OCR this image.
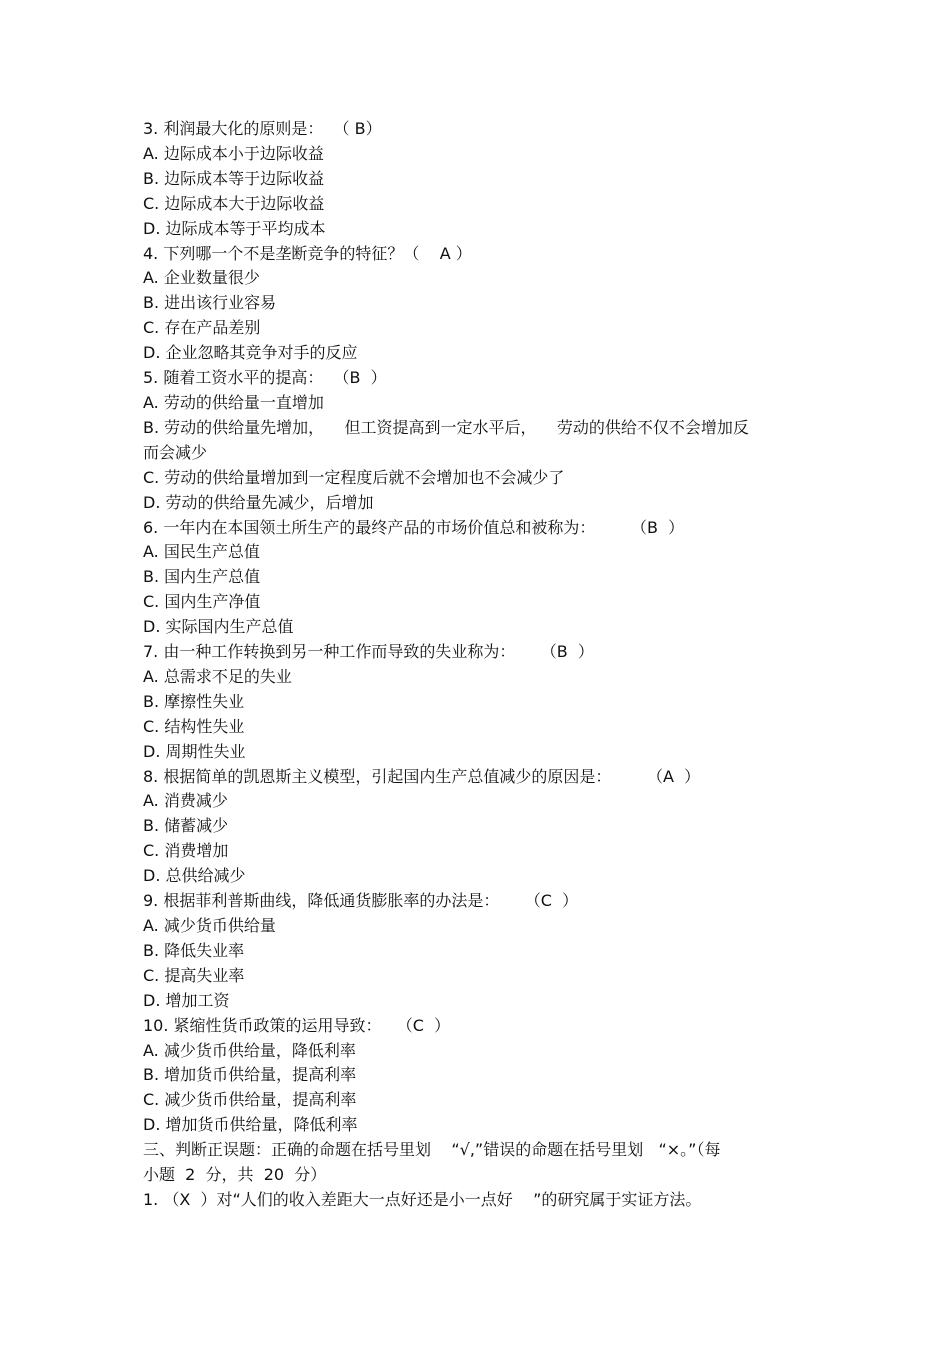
3. 利润最大化的原则是：  （ B）

A. 边际成本小于边际收益

B. 边际成本等于边际收益

C. 边际成本大于边际收益

D. 边际成本等于平均成本

4. 下列哪一个不是垄断竞争的特征？（    A ）

A. 企业数量很少

B. 进出该行业容易

C. 存在产品差别

D. 企业忽略其竞争对手的反应

5. 随着工资水平的提高：  （B  ）

A. 劳动的供给量一直增加

B. 劳动的供给量先增加，    但工资提高到一定水平后，    劳动的供给不仅不会增加反

而会减少

C. 劳动的供给量增加到一定程度后就不会增加也不会减少了

D. 劳动的供给量先减少，后增加

6. 一年内在本国领土所生产的最终产品的市场价值总和被称为：       （B  ）

A. 国民生产总值

B. 国内生产总值

C. 国内生产净值

D. 实际国内生产总值

7. 由一种工作转换到另一种工作而导致的失业称为：     （B  ）

A. 总需求不足的失业

B. 摩擦性失业

C. 结构性失业

D. 周期性失业

8. 根据简单的凯恩斯主义模型，引起国内生产总值减少的原因是：       （A  ）

A. 消费减少

B. 储蓄减少

C. 消费增加

D. 总供给减少

9. 根据菲利普斯曲线，降低通货膨胀率的办法是：     （C  ）

A. 减少货币供给量

B. 降低失业率

C. 提高失业率

D. 增加工资

10. 紧缩性货币政策的运用导致：   （C  ）

A. 减少货币供给量，降低利率

B. 增加货币供给量，提高利率

C. 减少货币供给量，提高利率

D. 增加货币供给量，降低利率

三、判断正误题：正确的命题在括号里划    “√,”错误的命题在括号里划   “×。”（每

小题  2  分，共  20  分）

1. （X  ）对“人们的收入差距大一点好还是小一点好    ”的研究属于实证方法。
